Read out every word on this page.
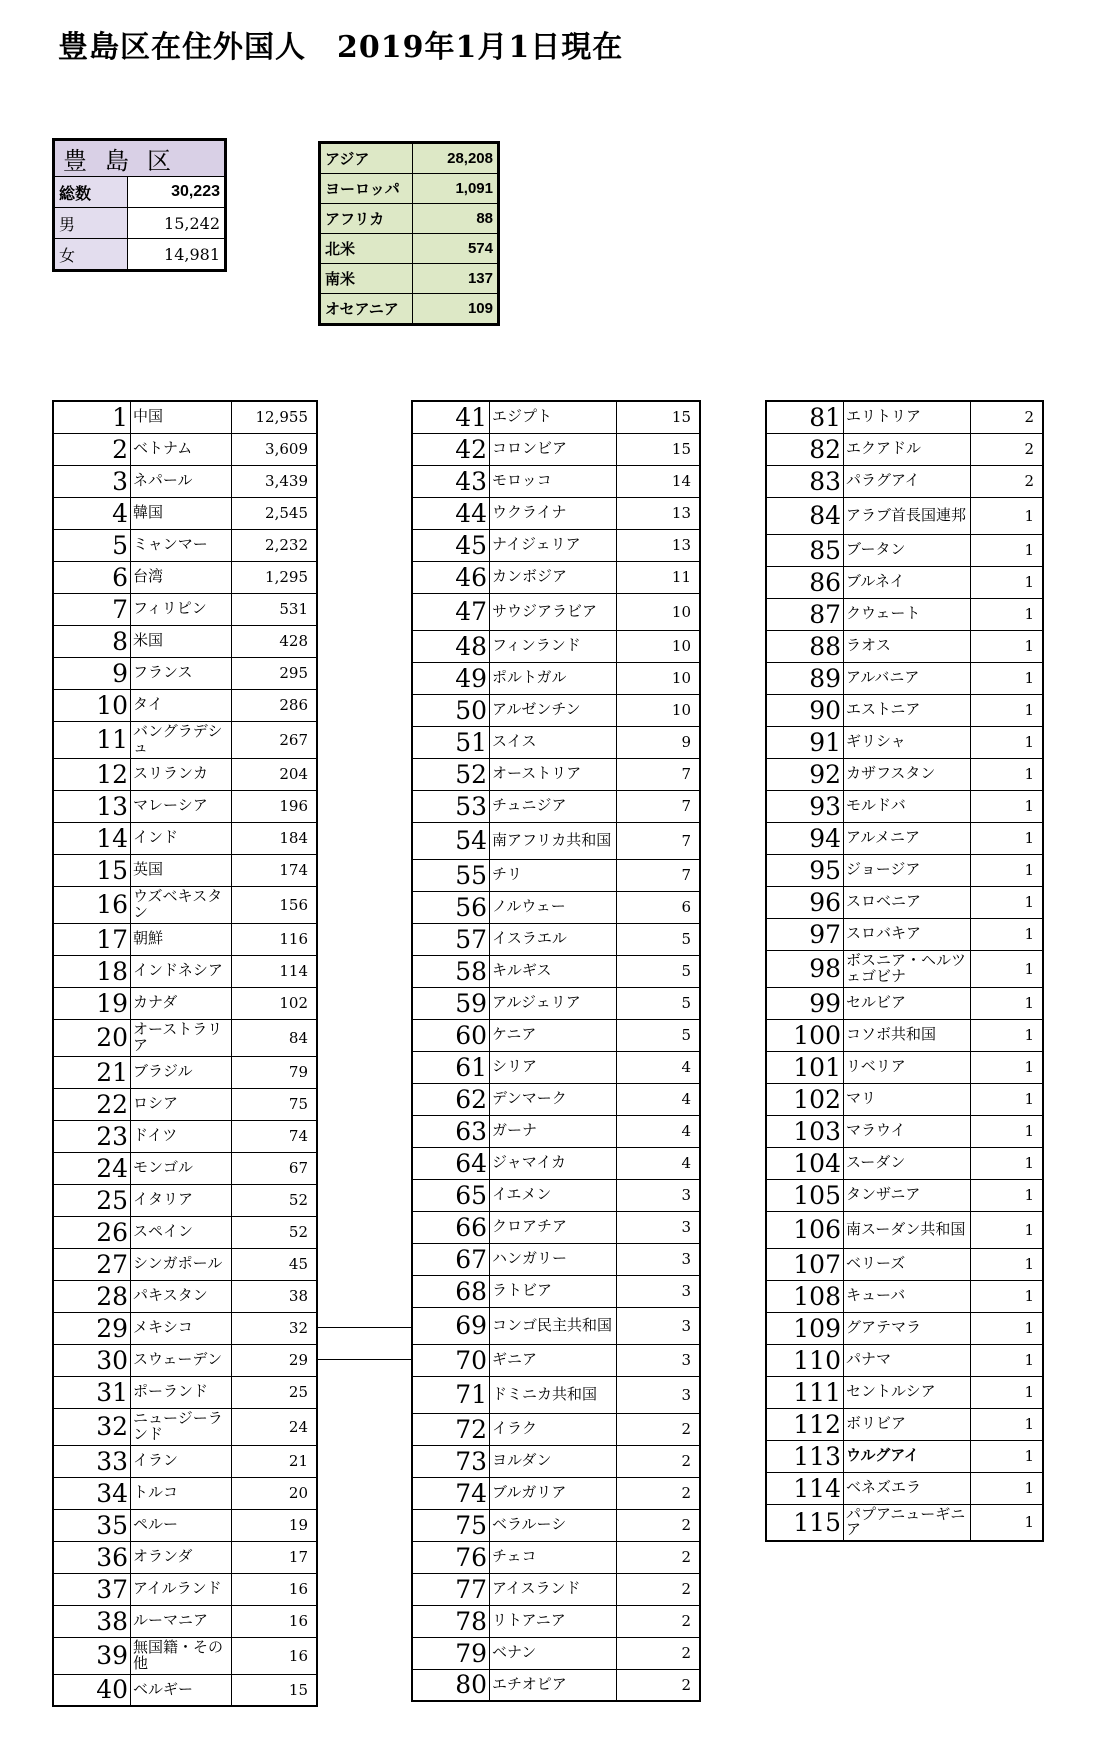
豊島区在住外国人　2019年1月1日現在
豊島区	
総数	30,223
男	15,242
女	14,981
アジア	28,208
ヨーロッパ	1,091
アフリカ	88
北米	574
南米	137
オセアニア	109
1	中国	12,955
2	ベトナム	3,609
3	ネパール	3,439
4	韓国	2,545
5	ミャンマー	2,232
6	台湾	1,295
7	フィリピン	531
8	米国	428
9	フランス	295
10	タイ	286
11	バングラデシュ	267
12	スリランカ	204
13	マレーシア	196
14	インド	184
15	英国	174
16	ウズベキスタン	156
17	朝鮮	116
18	インドネシア	114
19	カナダ	102
20	オーストラリア	84
21	ブラジル	79
22	ロシア	75
23	ドイツ	74
24	モンゴル	67
25	イタリア	52
26	スペイン	52
27	シンガポール	45
28	パキスタン	38
29	メキシコ	32
30	スウェーデン	29
31	ポーランド	25
32	ニュージーランド	24
33	イラン	21
34	トルコ	20
35	ペルー	19
36	オランダ	17
37	アイルランド	16
38	ルーマニア	16
39	無国籍・その他	16
40	ベルギー	15
41	エジプト	15
42	コロンビア	15
43	モロッコ	14
44	ウクライナ	13
45	ナイジェリア	13
46	カンボジア	11
47	サウジアラビア	10
48	フィンランド	10
49	ポルトガル	10
50	アルゼンチン	10
51	スイス	9
52	オーストリア	7
53	チュニジア	7
54	南アフリカ共和国	7
55	チリ	7
56	ノルウェー	6
57	イスラエル	5
58	キルギス	5
59	アルジェリア	5
60	ケニア	5
61	シリア	4
62	デンマーク	4
63	ガーナ	4
64	ジャマイカ	4
65	イエメン	3
66	クロアチア	3
67	ハンガリー	3
68	ラトビア	3
69	コンゴ民主共和国	3
70	ギニア	3
71	ドミニカ共和国	3
72	イラク	2
73	ヨルダン	2
74	ブルガリア	2
75	ベラルーシ	2
76	チェコ	2
77	アイスランド	2
78	リトアニア	2
79	ベナン	2
80	エチオピア	2
81	エリトリア	2
82	エクアドル	2
83	パラグアイ	2
84	アラブ首長国連邦	1
85	ブータン	1
86	ブルネイ	1
87	クウェート	1
88	ラオス	1
89	アルバニア	1
90	エストニア	1
91	ギリシャ	1
92	カザフスタン	1
93	モルドバ	1
94	アルメニア	1
95	ジョージア	1
96	スロベニア	1
97	スロバキア	1
98	ボスニア・ヘルツェゴビナ	1
99	セルビア	1
100	コソボ共和国	1
101	リベリア	1
102	マリ	1
103	マラウイ	1
104	スーダン	1
105	タンザニア	1
106	南スーダン共和国	1
107	ベリーズ	1
108	キューバ	1
109	グアテマラ	1
110	パナマ	1
111	セントルシア	1
112	ボリビア	1
113	ウルグアイ	1
114	ベネズエラ	1
115	パプアニューギニア	1
